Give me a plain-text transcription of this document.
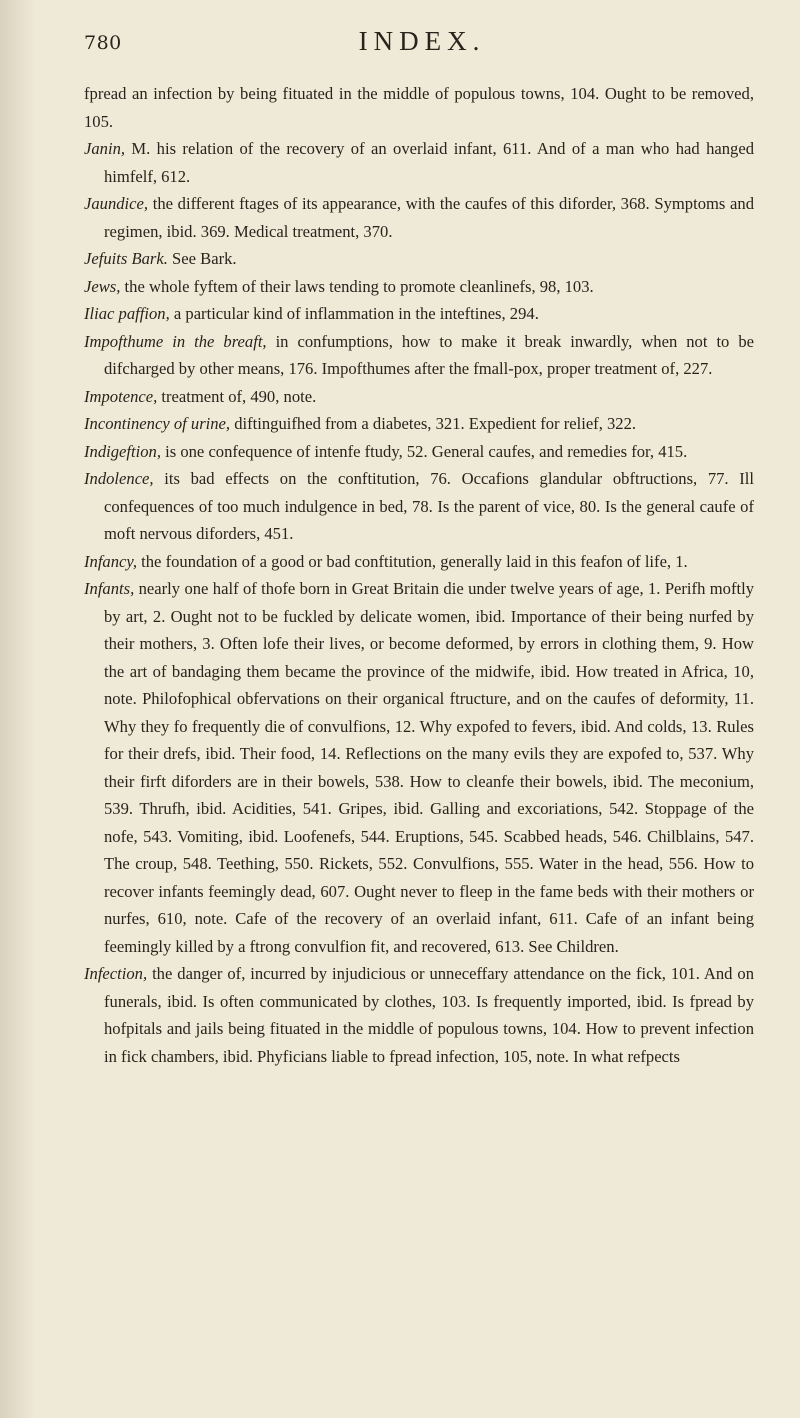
780	INDEX.

fpread an infection by being fituated in the middle of populous towns, 104. Ought to be removed, 105.

Janin, M. his relation of the recovery of an overlaid infant, 611. And of a man who had hanged himfelf, 612.

Jaundice, the different ftages of its appearance, with the caufes of this diforder, 368. Symptoms and regimen, ibid. 369. Medical treatment, 370.

Jefuits Bark. See Bark.

Jews, the whole fyftem of their laws tending to promote cleanlinefs, 98, 103.

Iliac paffion, a particular kind of inflammation in the inteftines, 294.

Impofthume in the breaft, in confumptions, how to make it break inwardly, when not to be difcharged by other means, 176. Impofthumes after the fmall-pox, proper treatment of, 227.

Impotence, treatment of, 490, note.

Incontinency of urine, diftinguifhed from a diabetes, 321. Expedient for relief, 322.

Indigeftion, is one confequence of intenfe ftudy, 52. General caufes, and remedies for, 415.

Indolence, its bad effects on the conftitution, 76. Occafions glandular obftructions, 77. Ill confequences of too much indulgence in bed, 78. Is the parent of vice, 80. Is the general caufe of moft nervous diforders, 451.

Infancy, the foundation of a good or bad conftitution, generally laid in this feafon of life, 1.

Infants, nearly one half of thofe born in Great Britain die under twelve years of age, 1. Perifh moftly by art, 2. Ought not to be fuckled by delicate women, ibid. Importance of their being nurfed by their mothers, 3. Often lofe their lives, or become deformed, by errors in clothing them, 9. How the art of bandaging them became the province of the midwife, ibid. How treated in Africa, 10, note. Philofophical obfervations on their organical ftructure, and on the caufes of deformity, 11. Why they fo frequently die of convulfions, 12. Why expofed to fevers, ibid. And colds, 13. Rules for their drefs, ibid. Their food, 14. Reflections on the many evils they are expofed to, 537. Why their firft diforders are in their bowels, 538. How to cleanfe their bowels, ibid. The meconium, 539. Thrufh, ibid. Acidities, 541. Gripes, ibid. Galling and excoriations, 542. Stoppage of the nofe, 543. Vomiting, ibid. Loofenefs, 544. Eruptions, 545. Scabbed heads, 546. Chilblains, 547. The croup, 548. Teething, 550. Rickets, 552. Convulfions, 555. Water in the head, 556. How to recover infants feemingly dead, 607. Ought never to fleep in the fame beds with their mothers or nurfes, 610, note. Cafe of the recovery of an overlaid infant, 611. Cafe of an infant being feemingly killed by a ftrong convulfion fit, and recovered, 613. See Children.

Infection, the danger of, incurred by injudicious or unneceffary attendance on the fick, 101. And on funerals, ibid. Is often communicated by clothes, 103. Is frequently imported, ibid. Is fpread by hofpitals and jails being fituated in the middle of populous towns, 104. How to prevent infection in fick chambers, ibid. Phyficians liable to fpread infection, 105, note. In what refpects
